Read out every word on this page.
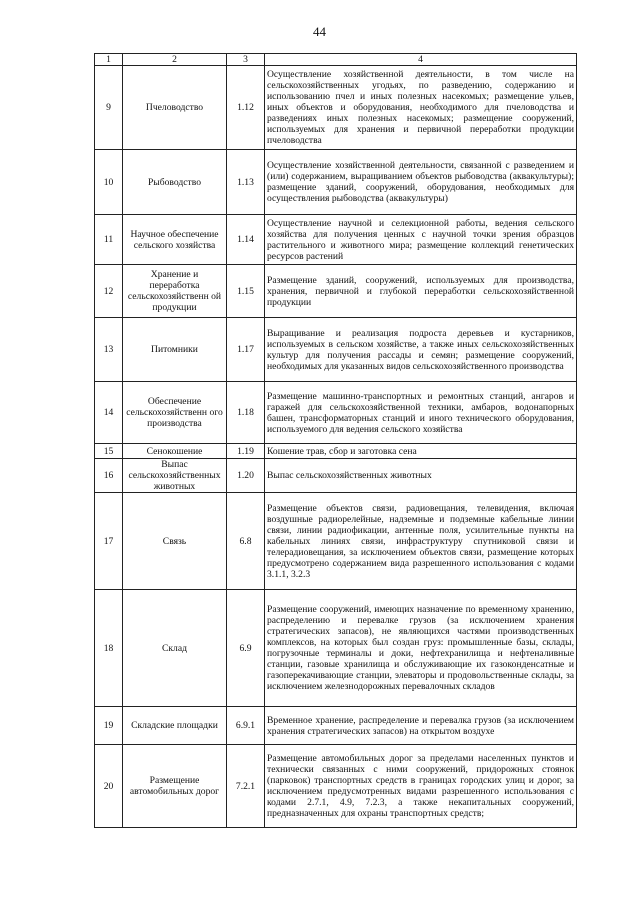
44
1	2	3	4
9	Пчеловодство	1.12	Осуществление хозяйственной деятельности, в том числе на сельскохозяйственных угодьях, по разведению, содержанию и использованию пчел и иных полезных насекомых; размещение ульев, иных объектов и оборудования, необходимого для пчеловодства и разведениях иных полезных насекомых; размещение сооружений, используемых для хранения и первичной переработки продукции пчеловодства
10	Рыбоводство	1.13	Осуществление хозяйственной деятельности, связанной с разведением и (или) содержанием, выращиванием объектов рыбоводства (аквакультуры); размещение зданий, сооружений, оборудования, необходимых для осуществления рыбоводства (аквакультуры)
11	Научное обеспечение сельского хозяйства	1.14	Осуществление научной и селекционной работы, ведения сельского хозяйства для получения ценных с научной точки зрения образцов растительного и животного мира; размещение коллекций генетических ресурсов растений
12	Хранение и переработка сельскохозяйственн ой продукции	1.15	Размещение зданий, сооружений, используемых для производства, хранения, первичной и глубокой переработки сельскохозяйственной продукции
13	Питомники	1.17	Выращивание и реализация подроста деревьев и кустарников, используемых в сельском хозяйстве, а также иных сельскохозяйственных культур для получения рассады и семян; размещение сооружений, необходимых для указанных видов сельскохозяйственного производства
14	Обеспечение сельскохозяйственн ого производства	1.18	Размещение машинно-транспортных и ремонтных станций, ангаров и гаражей для сельскохозяйственной техники, амбаров, водонапорных башен, трансформаторных станций и иного технического оборудования, используемого для ведения сельского хозяйства
15	Сенокошение	1.19	Кошение трав, сбор и заготовка сена
16	Выпас сельскохозяйственных животных	1.20	Выпас сельскохозяйственных животных
17	Связь	6.8	Размещение объектов связи, радиовещания, телевидения, включая воздушные радиорелейные, надземные и подземные кабельные линии связи, линии радиофикации, антенные поля, усилительные пункты на кабельных линиях связи, инфраструктуру спутниковой связи и телерадиовещания, за исключением объектов связи, размещение которых предусмотрено содержанием вида разрешенного использования с кодами 3.1.1, 3.2.3
18	Склад	6.9	Размещение сооружений, имеющих назначение по временному хранению, распределению и перевалке грузов (за исключением хранения стратегических запасов), не являющихся частями производственных комплексов, на которых был создан груз: промышленные базы, склады, погрузочные терминалы и доки, нефтехранилища и нефтеналивные станции, газовые хранилища и обслуживающие их газоконденсатные и газоперекачивающие станции, элеваторы и продовольственные склады, за исключением железнодорожных перевалочных складов
19	Складские площадки	6.9.1	Временное хранение, распределение и перевалка грузов (за исключением хранения стратегических запасов) на открытом воздухе
20	Размещение автомобильных дорог	7.2.1	Размещение автомобильных дорог за пределами населенных пунктов и технически связанных с ними сооружений, придорожных стоянок (парковок) транспортных средств в границах городских улиц и дорог, за исключением предусмотренных видами разрешенного использования с кодами 2.7.1, 4.9, 7.2.3, а также некапитальных сооружений, предназначенных для охраны транспортных средств;
